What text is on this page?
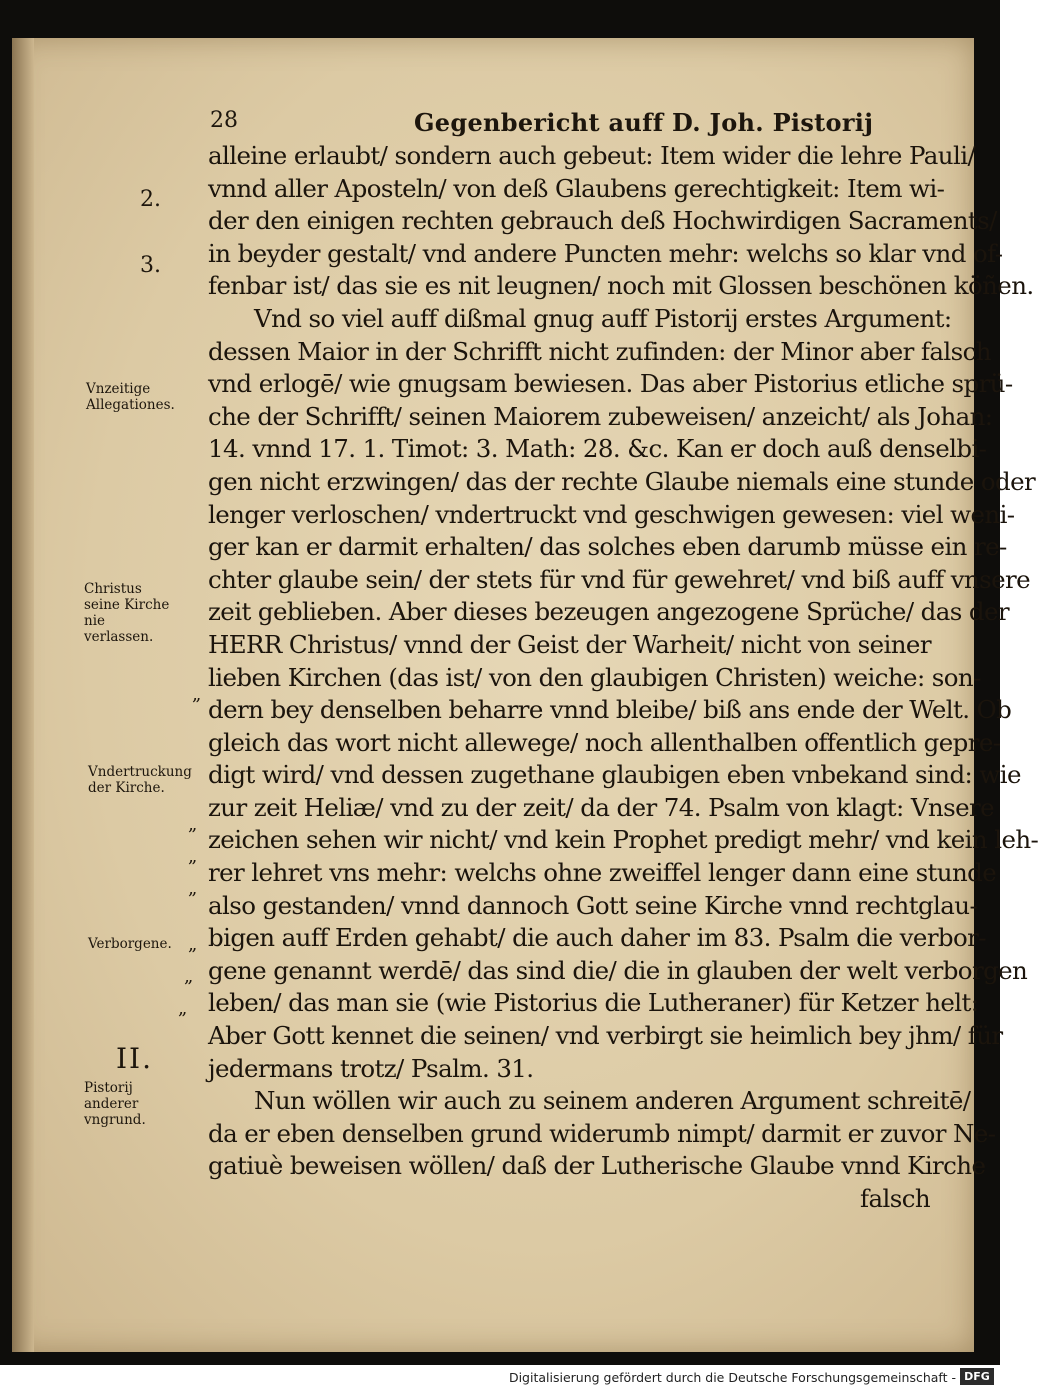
28	Gegenbericht auff D. Joh. Pistorij
2.
3.
Vnzeitige Allegationes.
Christus seine Kirche nie verlassen.
„
Vndertruckung der Kirche.
„
„
„
Verborgene. „
„
„
II.
Pistorij anderer vngrund.
alleine erlaubt/ sondern auch gebeut: Item wider die lehre Pauli/
vnnd aller Aposteln/ von deß Glaubens gerechtigkeit: Item wi-
der den einigen rechten gebrauch deß Hochwirdigen Sacraments/
in beyder gestalt/ vnd andere Puncten mehr: welchs so klar vnd of-
fenbar ist/ das sie es nit leugnen/ noch mit Glossen beschönen köñen.
Vnd so viel auff dißmal gnug auff Pistorij erstes Argument:
dessen Maior in der Schrifft nicht zufinden: der Minor aber falsch
vnd erlogē/ wie gnugsam bewiesen. Das aber Pistorius etliche sprü-
che der Schrifft/ seinen Maiorem zubeweisen/ anzeicht/ als Johan:
14. vnnd 17. 1. Timot: 3. Math: 28. &c. Kan er doch auß denselbi-
gen nicht erzwingen/ das der rechte Glaube niemals eine stunde oder
lenger verloschen/ vndertruckt vnd geschwigen gewesen: viel weni-
ger kan er darmit erhalten/ das solches eben darumb müsse ein re-
chter glaube sein/ der stets für vnd für gewehret/ vnd biß auff vnsere
zeit geblieben. Aber dieses bezeugen angezogene Sprüche/ das der
HERR Christus/ vnnd der Geist der Warheit/ nicht von seiner
lieben Kirchen (das ist/ von den glaubigen Christen) weiche: son-
dern bey denselben beharre vnnd bleibe/ biß ans ende der Welt. Ob
gleich das wort nicht allewege/ noch allenthalben offentlich gepre-
digt wird/ vnd dessen zugethane glaubigen eben vnbekand sind: wie
zur zeit Heliæ/ vnd zu der zeit/ da der 74. Psalm von klagt: Vnsere
zeichen sehen wir nicht/ vnd kein Prophet predigt mehr/ vnd kein leh-
rer lehret vns mehr: welchs ohne zweiffel lenger dann eine stunde
also gestanden/ vnnd dannoch Gott seine Kirche vnnd rechtglau-
bigen auff Erden gehabt/ die auch daher im 83. Psalm die verbor-
gene genannt werdē/ das sind die/ die in glauben der welt verborgen
leben/ das man sie (wie Pistorius die Lutheraner) für Ketzer helt:
Aber Gott kennet die seinen/ vnd verbirgt sie heimlich bey jhm/ für
jedermans trotz/ Psalm. 31.
Nun wöllen wir auch zu seinem anderen Argument schreitē/
da er eben denselben grund widerumb nimpt/ darmit er zuvor Ne-
gatiuè beweisen wöllen/ daß der Lutherische Glaube vnnd Kirche
falsch
Digitalisierung gefördert durch die Deutsche Forschungsgemeinschaft - DFG
